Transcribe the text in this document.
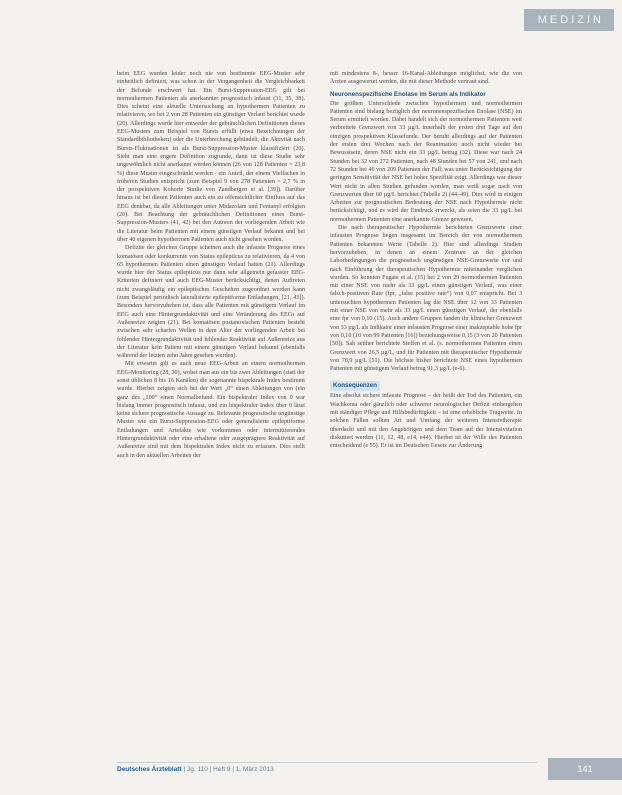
MEDIZIN

beim EEG wurden leider noch nie von bestimmte EEG-Muster sehr einheitlich definiert, was schon in der Vergangenheit die Vergleichbarkeit der Befunde erschwert hat. Ein Burst-Suppression-EEG gilt bei normothermen Patienten als anerkannter prognostisch infaust (31, 35, 38). Dies scheint eine aktuelle Untersuchung an hypothermen Patienten zu relativieren, wo bei 2 von 28 Patienten ein günstiger Verlauf berichtet wurde (20). Allerdings wurde hier entweder der gebräuchlichen Definitionen dieses EEG-Musters zum Beispiel von Bursts erfüllt (etwa Bezeichnungen der Standardbibliotheken) oder die Unterbrechung gebündelt, die Aktivität nach Bursts-Fluktuationen ist als Burst-Suppression-Muster klassifiziert (20). Sieht man eine engere Definition zugrunde, dann ist diese Studie sehr ungewöhnlich nicht anerkannt werden können (26 von 128 Patienten = 23,8 %) diese Muster eingeschränkt werden - ein Anteil, der einem Vielfachen in früheren Studien entspricht (zum Beispiel 9 von 278 Patienten = 2,7 % in der prospektiven Kohorte Studie von Zandbergen et al. [39]). Darüber hinaus ist bei diesen Patienten auch ein zu offensichtlicher Einfluss auf das EEG denkbar, da alle Ableitungen unter Midazolam und Fentanyl erfolgten (20). Bei Beachtung der gebräuchlichen Definitionen eines Burst-Suppression-Musters (41, 42) bei den Autoren der vorliegenden Arbeit wie die Literatur beim Patienten mit einem günstigen Verlauf bekannt und bei über 40 eigenen hypothermen Patienten auch nicht gesehen worden.

Defizite der gleichen Gruppe scheinen auch die infauste Prognose eines komatösen oder konkurrente von Status epilepticus zu relativieren, da 4 von 65 hypothermen Patienten einen günstigen Verlauf hatten (21). Allerdings wurde hier der Status epilepticus nur dann sehr allgemein gefasster EEG-Kriterien definiert und auch EEG-Muster berücksichtigt, denen Auftreten nicht zwangsläufig ein epileptisches Geschehen zugeordnet werden kann (zum Beispiel periodisch lateralisierte epileptiforme Entladungen, [21, 43]). Besonders hervorzuheben ist, dass alle Patienten mit günstigem Verlauf im EEG auch eine Hintergrundaktivität und eine Veränderung des EEGs auf Außenreize zeigten (21). Bei komatösen postanoxischen Patienten besteht zwischen sehr scharfen Wellen in dem Alter der vorliegenden Arbeit bei fehlender Hintergrundaktivität und fehlender Reaktivität auf Außenreize aus der Literatur kein Patient mit einem günstigen Verlauf bekannt (ebenfalls während der letzten zehn Jahre gesehen wurden).

Mit erwartet gilt es auch neue EEG-Arbeit an einem normothermen EEG-Monitoring (28, 30), wobei man aus ein bis zwei Ableitungen (statt der sonst üblichen 8 bis 16 Kanälen) die sogenannte bispektrale Index bestimmt wurde. Hierbei zeigten sich bei der Wert „0“ einen Ableitungen von (ein ganz des „100“ einen Normalbefund. Ein bispektraler Index von 0 war bislang immer prognostisch infaust, und ein bispektraler Index über 0 lässt keine sichere prognostische Aussage zu. Relevante prognostische ungünstige Muster wie ein Burst-Suppression-EEG oder generalisierte epileptiforme Entladungen und Artefakte wie vorkommen oder intermittierendes Hintergrundaktivität oder eine erhaltene oder ausgeprägtere Reaktivität auf Außenreize sind mit dem bispektralen Index nicht zu erfassen. Dies stellt auch in den aktuellen Arbeiten der

mit mindestens 8-, besser 16-Kanal-Ableitungen möglichst, wie die von Ärzten ausgewertet werden, die mit dieser Methode vertraut sind.

Neuronenspezifische Enolase im Serum als Indikator

Die größten Unterschiede zwischen hypothermen und normothermen Patienten sind bislang bezüglich der neuronenspezifischen Enolase (NSE) im Serum ermittelt worden. Dabei handelt sich der normothermen Patienten weit verbreitete Grenzwert von 33 µg/L innerhalb der ersten drei Tage auf den einzigen prospektiven Klassefunde. Der beruht allerdings auf der Patienten der ersten drei Wochen nach der Reanimation noch nicht wieder bei Bewusstsein, deren NSE nicht ein 33 µg/L betrug (32). Diese war nach 24 Stunden bei 32 von 272 Patienten, nach 48 Stunden bei 57 von 241, und nach 72 Stunden bei 46 von 209 Patienten der Fall; was unter Berücksichtigung der geringen Sensitivität der NSE bei hoher Spezifität zeigt. Allerdings war dieser Wert nicht in allen Studien gefunden worden, man weiß sogar nach von Grenzwerten über 60 µg/L berichtet (Tabelle 2) (44–49). Dies wird in einigen Arbeiten zur prognostischen Bedeutung der NSE nach Hypothermie nicht berücksichtigt, und es wird der Eindruck erweckt, als seien die 33 µg/L bei normothermen Patienten eine anerkannte Grenze gewesen.

Die nach therapeutischer Hypothermie berichteten Grenzwerte einer infausten Prognose liegen insgesamt im Bereich der von normothermen Patienten bekannten Werte (Tabelle 2). Hier sind allerdings Studien hervorzuheben, in denen an einem Zentrum an der gleichen Laborbedingungen die prognostisch ungünstigen NSE-Grenzwerte vor und nach Einführung der therapeutischen Hypothermie miteinander verglichen wurden. So konnten Fugate et al. (15) bei 2 von 29 normothermen Patienten mit einer NSE von mehr als 33 µg/L einen günstigen Verlauf, was einer falsch-positiven Rate (fpr, „false positive rate“) von 0,07 entspricht. Bei 3 untersuchten hypothermen Patienten lag die NSE über 12 von 33 Patienten mit einer NSE von mehr als 33 µg/L einen günstigen Verlauf, der ebenfalls eine fpr von 0,10 (15). Auch andere Gruppen fanden ihr klinischer Grenzwert von 33 µg/L als Indikator einer infausten Prognose einer inakzeptable hohe fpr von 0,10 (10 von 99 Patienten [16]) beziehungsweise 0,15 (3 von 20 Patienten [50]). Sah seither berichtete Steffen et al. (s. normothermen Patienten einen Grenzwert von 26,5 µg/L, und für Patienten mit therapeutischer Hypothermie von 78,9 µg/L (51). Die höchste bisher berichtete NSE eines hypothermen Patienten mit günstigem Verlauf betrug 91,3 µg/L (e-6).

Konsequenzen

Eine absolut sichere infauste Prognose – der heißt der Tod des Patienten, ein Wachkoma oder gänzlich oder schwerer neurologischer Defizit einhergehen mit ständiger Pflege und Hilfsbedürftigkeit – ist eine erhebliche Tragweite. In solchen Fällen sollten Art und Umfang der weiteren Intensivtherapie überdacht und mit den Angehörigen und dem Team auf der Intensivstation diskutiert werden (11, 12, 48, e14, e44). Hierbei ist der Wille des Patienten entscheidend (e 55). Er ist im Deutschen Gesetz zur Änderung

Deutsches Ärzteblatt | Jg. 110 | Heft 9 | 1. März 2013	141
